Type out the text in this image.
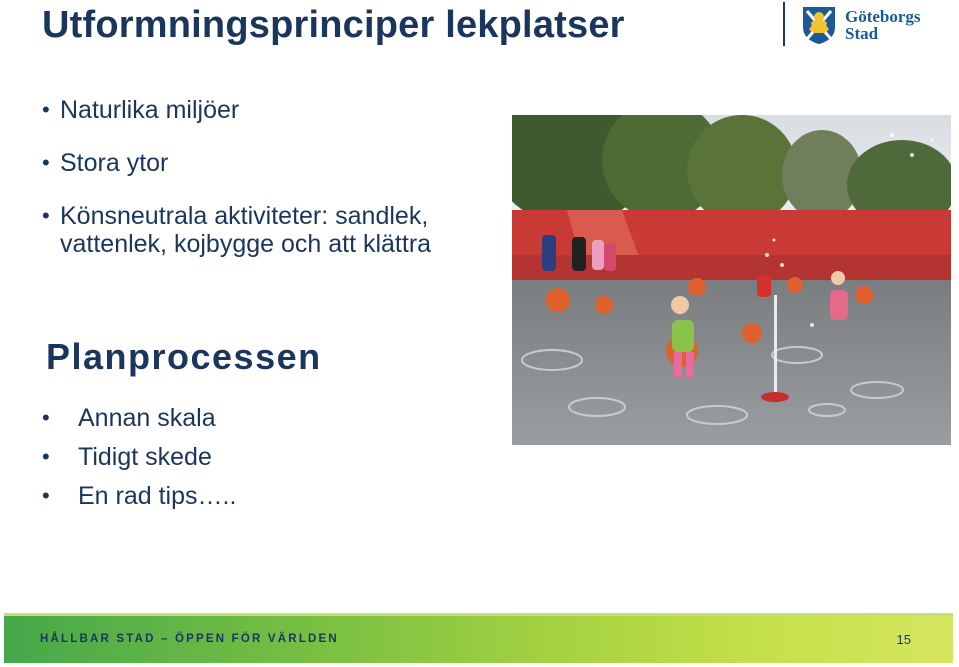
Utformningsprinciper lekplatser	Göteborgs
Stad
• Naturlika miljöer
• Stora ytor
• Könsneutrala aktiviteter: sandlek, vattenlek, kojbygge och att klättra
Planprocessen
• Annan skala
• Tidigt skede
• En rad tips…..
HÅLLBAR STAD – ÖPPEN FÖR VÄRLDEN	15
